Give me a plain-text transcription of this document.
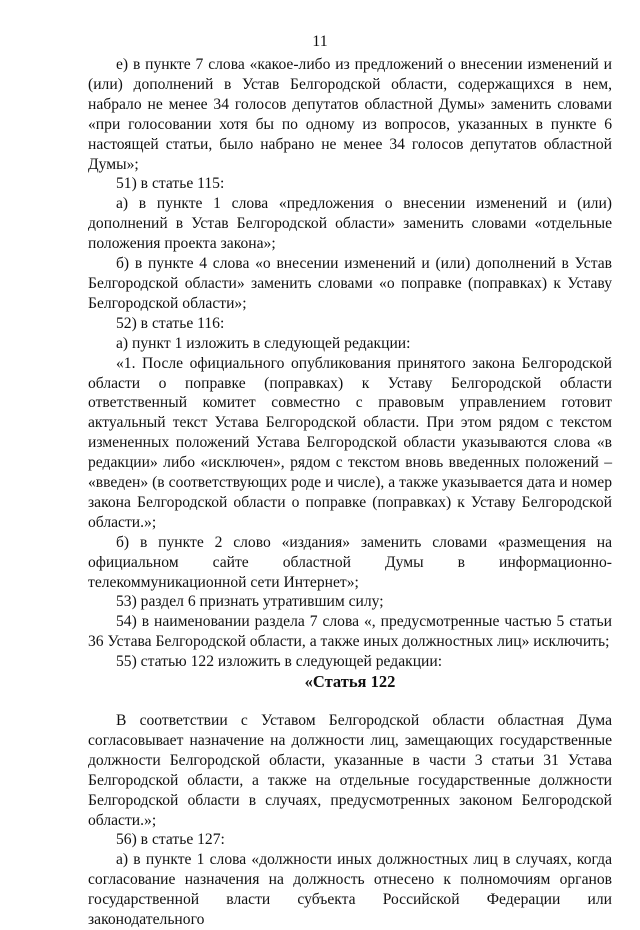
11

е) в пункте 7 слова «какое-либо из предложений о внесении изменений и (или) дополнений в Устав Белгородской области, содержащихся в нем, набрало не менее 34 голосов депутатов областной Думы» заменить словами «при голосовании хотя бы по одному из вопросов, указанных в пункте 6 настоящей статьи, было набрано не менее 34 голосов депутатов областной Думы»;

51) в статье 115:

а) в пункте 1 слова «предложения о внесении изменений и (или) дополнений в Устав Белгородской области» заменить словами «отдельные положения проекта закона»;

б) в пункте 4 слова «о внесении изменений и (или) дополнений в Устав Белгородской области» заменить словами «о поправке (поправках) к Уставу Белгородской области»;

52) в статье 116:

а) пункт 1 изложить в следующей редакции:

«1. После официального опубликования принятого закона Белгородской области о поправке (поправках) к Уставу Белгородской области ответственный комитет совместно с правовым управлением готовит актуальный текст Устава Белгородской области. При этом рядом с текстом измененных положений Устава Белгородской области указываются слова «в редакции» либо «исключен», рядом с текстом вновь введенных положений – «введен» (в соответствующих роде и числе), а также указывается дата и номер закона Белгородской области о поправке (поправках) к Уставу Белгородской области.»;

б) в пункте 2 слово «издания» заменить словами «размещения на официальном сайте областной Думы в информационно-телекоммуникационной сети Интернет»;

53) раздел 6 признать утратившим силу;

54) в наименовании раздела 7 слова «, предусмотренные частью 5 статьи 36 Устава Белгородской области, а также иных должностных лиц» исключить;

55) статью 122 изложить в следующей редакции:

«Статья 122

В соответствии с Уставом Белгородской области областная Дума согласовывает назначение на должности лиц, замещающих государственные должности Белгородской области, указанные в части 3 статьи 31 Устава Белгородской области, а также на отдельные государственные должности Белгородской области в случаях, предусмотренных законом Белгородской области.»;

56) в статье 127:

а) в пункте 1 слова «должности иных должностных лиц в случаях, когда согласование назначения на должность отнесено к полномочиям органов государственной власти субъекта Российской Федерации или законодательного
